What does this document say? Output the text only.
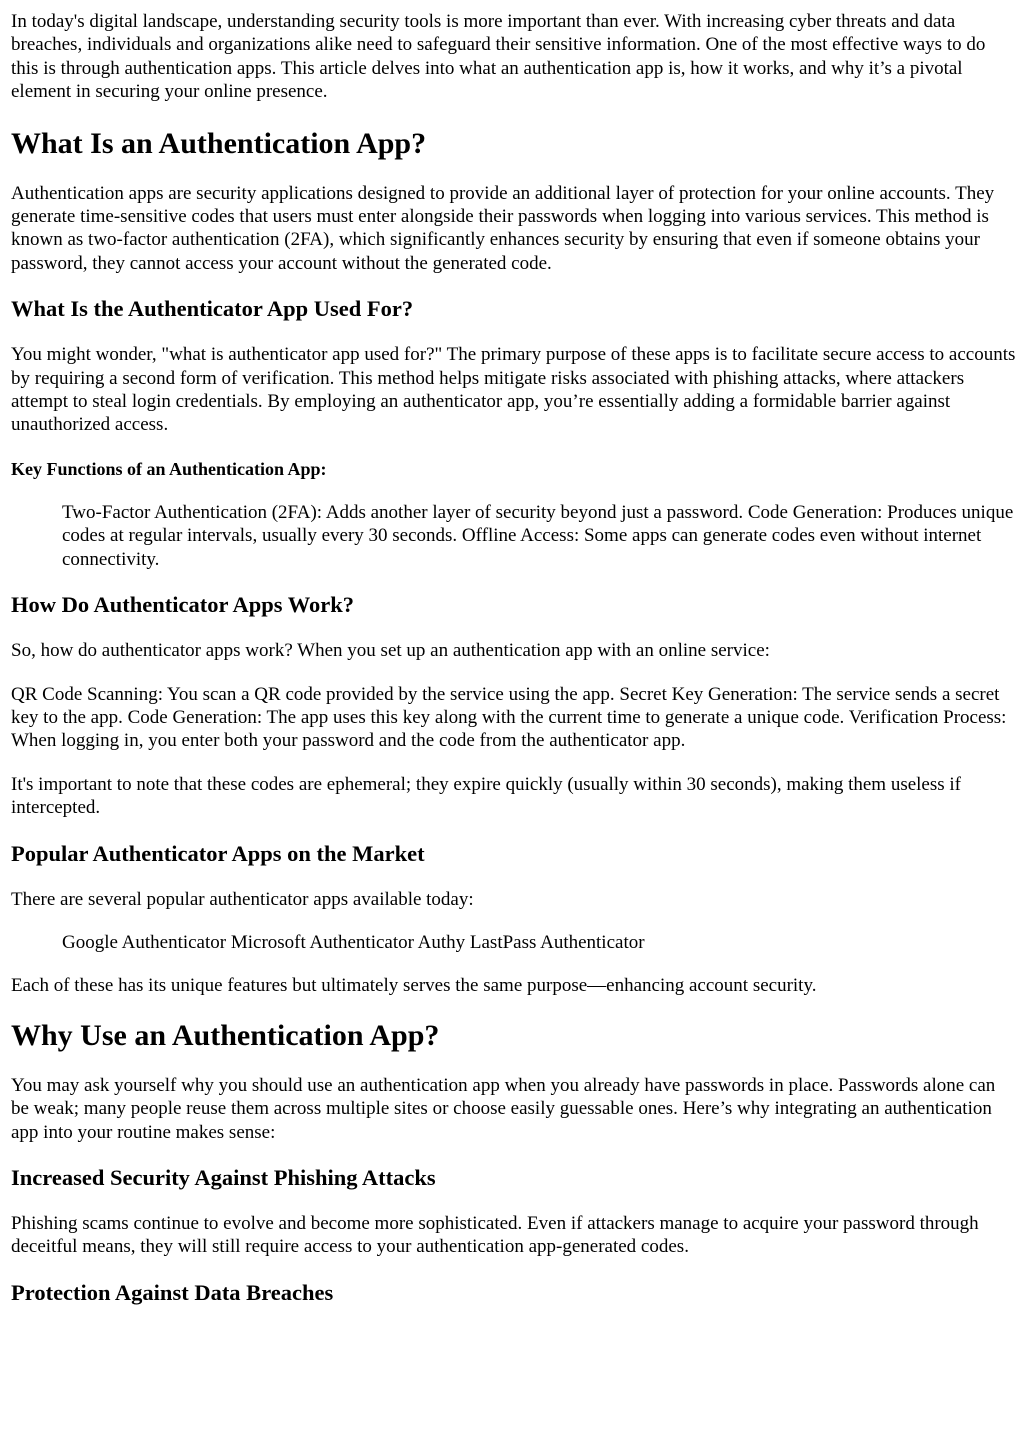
In today's digital landscape, understanding security tools is more important than ever. With increasing cyber threats and data breaches, individuals and organizations alike need to safeguard their sensitive information. One of the most effective ways to do this is through authentication apps. This article delves into what an authentication app is, how it works, and why it’s a pivotal element in securing your online presence.

What Is an Authentication App?

Authentication apps are security applications designed to provide an additional layer of protection for your online accounts. They generate time-sensitive codes that users must enter alongside their passwords when logging into various services. This method is known as two-factor authentication (2FA), which significantly enhances security by ensuring that even if someone obtains your password, they cannot access your account without the generated code.

What Is the Authenticator App Used For?

You might wonder, "what is authenticator app used for?" The primary purpose of these apps is to facilitate secure access to accounts by requiring a second form of verification. This method helps mitigate risks associated with phishing attacks, where attackers attempt to steal login credentials. By employing an authenticator app, you’re essentially adding a formidable barrier against unauthorized access.

Key Functions of an Authentication App:
Two-Factor Authentication (2FA): Adds another layer of security beyond just a password. Code Generation: Produces unique codes at regular intervals, usually every 30 seconds. Offline Access: Some apps can generate codes even without internet connectivity.
How Do Authenticator Apps Work?

So, how do authenticator apps work? When you set up an authentication app with an online service:

QR Code Scanning: You scan a QR code provided by the service using the app. Secret Key Generation: The service sends a secret key to the app. Code Generation: The app uses this key along with the current time to generate a unique code. Verification Process: When logging in, you enter both your password and the code from the authenticator app.

It's important to note that these codes are ephemeral; they expire quickly (usually within 30 seconds), making them useless if intercepted.

Popular Authenticator Apps on the Market

There are several popular authenticator apps available today:

Google Authenticator Microsoft Authenticator Authy LastPass Authenticator

Each of these has its unique features but ultimately serves the same purpose—enhancing account security.

Why Use an Authentication App?

You may ask yourself why you should use an authentication app when you already have passwords in place. Passwords alone can be weak; many people reuse them across multiple sites or choose easily guessable ones. Here’s why integrating an authentication app into your routine makes sense:

Increased Security Against Phishing Attacks

Phishing scams continue to evolve and become more sophisticated. Even if attackers manage to acquire your password through deceitful means, they will still require access to your authentication app-generated codes.

Protection Against Data Breaches
